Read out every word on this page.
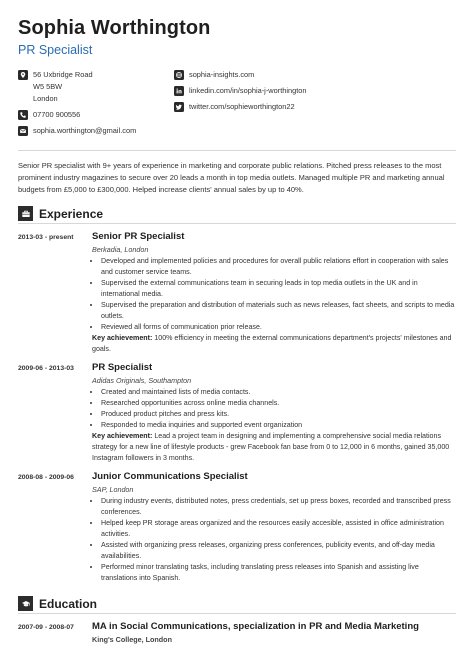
Sophia Worthington
PR Specialist
56 Uxbridge Road
W5 5BW
London
07700 900556
sophia.worthington@gmail.com
sophia-insights.com
linkedin.com/in/sophia-j-worthington
twitter.com/sophieworthington22
Senior PR specialist with 9+ years of experience in marketing and corporate public relations. Pitched press releases to the most prominent industry magazines to secure over 20 leads a month in top media outlets. Managed multiple PR and marketing annual budgets from £5,000 to £300,000. Helped increase clients' annual sales by up to 40%.
Experience
2013-03 - present	Senior PR Specialist
Berkadia, London
• Developed and implemented policies and procedures for overall public relations effort in cooperation with sales and customer service teams.
• Supervised the external communications team in securing leads in top media outlets in the UK and in international media.
• Supervised the preparation and distribution of materials such as news releases, fact sheets, and scripts to media outlets.
• Reviewed all forms of communication prior release.
Key achievement: 100% efficiency in meeting the external communications department's projects' milestones and goals.
2009-06 - 2013-03	PR Specialist
Adidas Originals, Southampton
• Created and maintained lists of media contacts.
• Researched opportunities across online media channels.
• Produced product pitches and press kits.
• Responded to media inquiries and supported event organization
Key achievement: Lead a project team in designing and implementing a comprehensive social media relations strategy for a new line of lifestyle products - grew Facebook fan base from 0 to 12,000 in 6 months, gained 35,000 Instagram followers in 3 months.
2008-08 - 2009-06	Junior Communications Specialist
SAP, London
• During industry events, distributed notes, press credentials, set up press boxes, recorded and transcribed press conferences.
• Helped keep PR storage areas organized and the resources easily accesible, assisted in office administration activities.
• Assisted with organizing press releases, organizing press conferences, publicity events, and off-day media availabilities.
• Performed minor translating tasks, including translating press releases into Spanish and assisting live translations into Spanish.
Education
2007-09 - 2008-07	MA in Social Communications, specialization in PR and Media Marketing
King's College, London
